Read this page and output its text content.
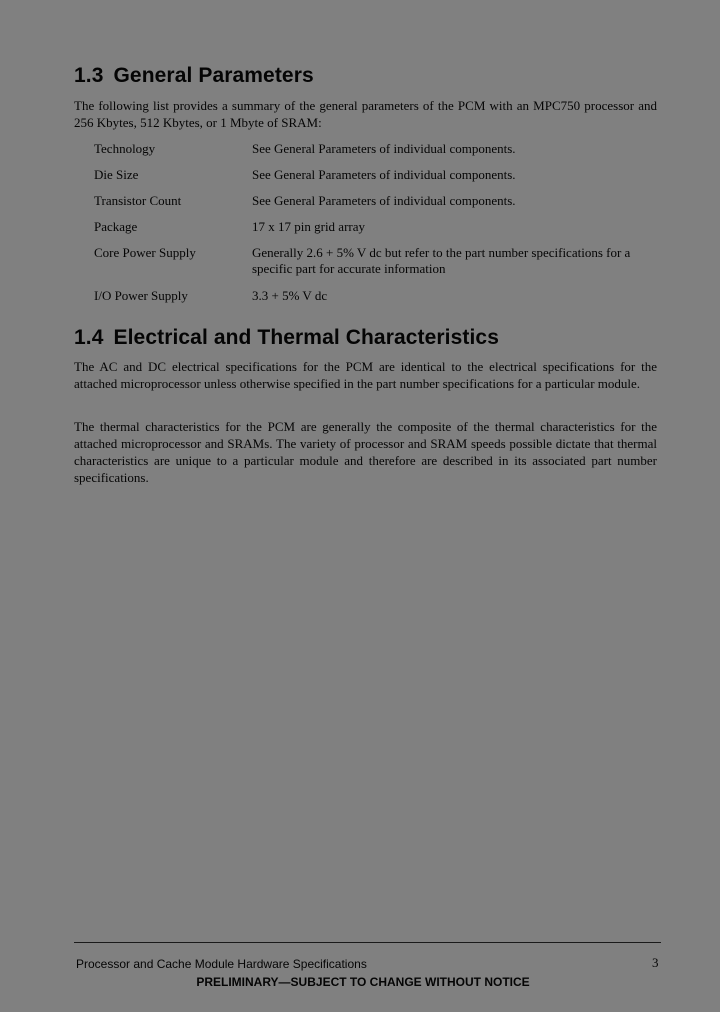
1.3 General Parameters

The following list provides a summary of the general parameters of the PCM with an MPC750 processor and 256 Kbytes, 512 Kbytes, or 1 Mbyte of SRAM:

Technology	See General Parameters of individual components.
Die Size	See General Parameters of individual components.
Transistor Count	See General Parameters of individual components.
Package	17 x 17 pin grid array
Core Power Supply	Generally 2.6 + 5% V dc but refer to the part number specifications for a specific part for accurate information
I/O Power Supply	3.3 + 5% V dc
1.4 Electrical and Thermal Characteristics

The AC and DC electrical specifications for the PCM are identical to the electrical specifications for the attached microprocessor unless otherwise specified in the part number specifications for a particular module.

The thermal characteristics for the PCM are generally the composite of the thermal characteristics for the attached microprocessor and SRAMs. The variety of processor and SRAM speeds possible dictate that thermal characteristics are unique to a particular module and therefore are described in its associated part number specifications.

Processor and Cache Module Hardware Specifications	3
PRELIMINARY—SUBJECT TO CHANGE WITHOUT NOTICE
